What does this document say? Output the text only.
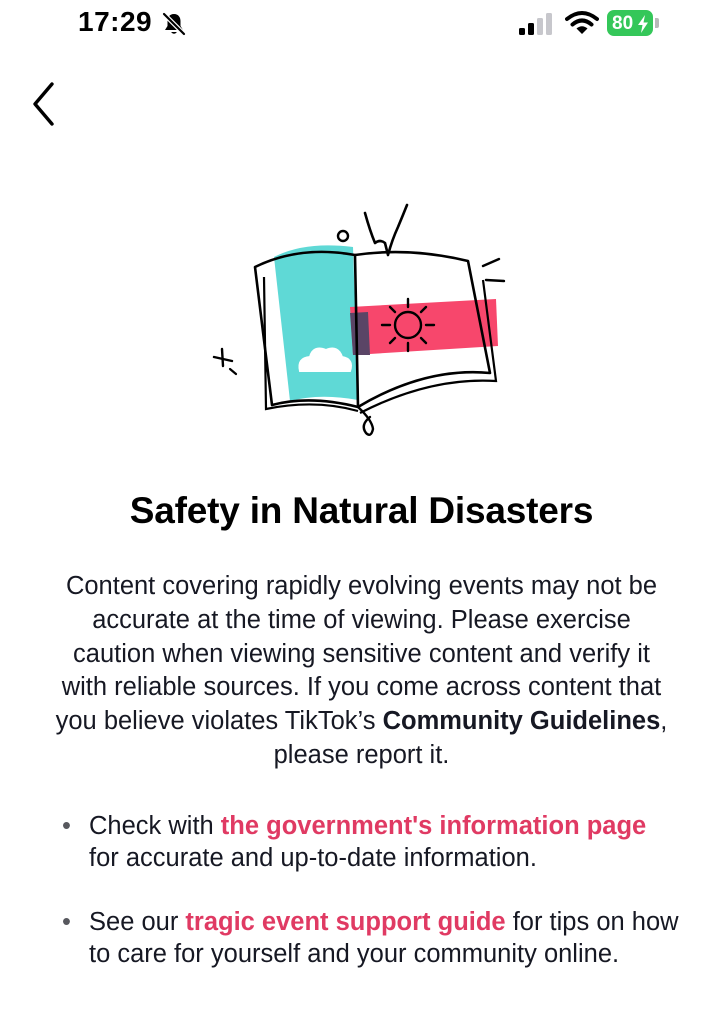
17:29	80
Safety in Natural Disasters
Content covering rapidly evolving events may not be accurate at the time of viewing. Please exercise caution when viewing sensitive content and verify it with reliable sources. If you come across content that you believe violates TikTok’s Community Guidelines, please report it.
• Check with the government's information page for accurate and up-to-date information.
• See our tragic event support guide for tips on how to care for yourself and your community online.
